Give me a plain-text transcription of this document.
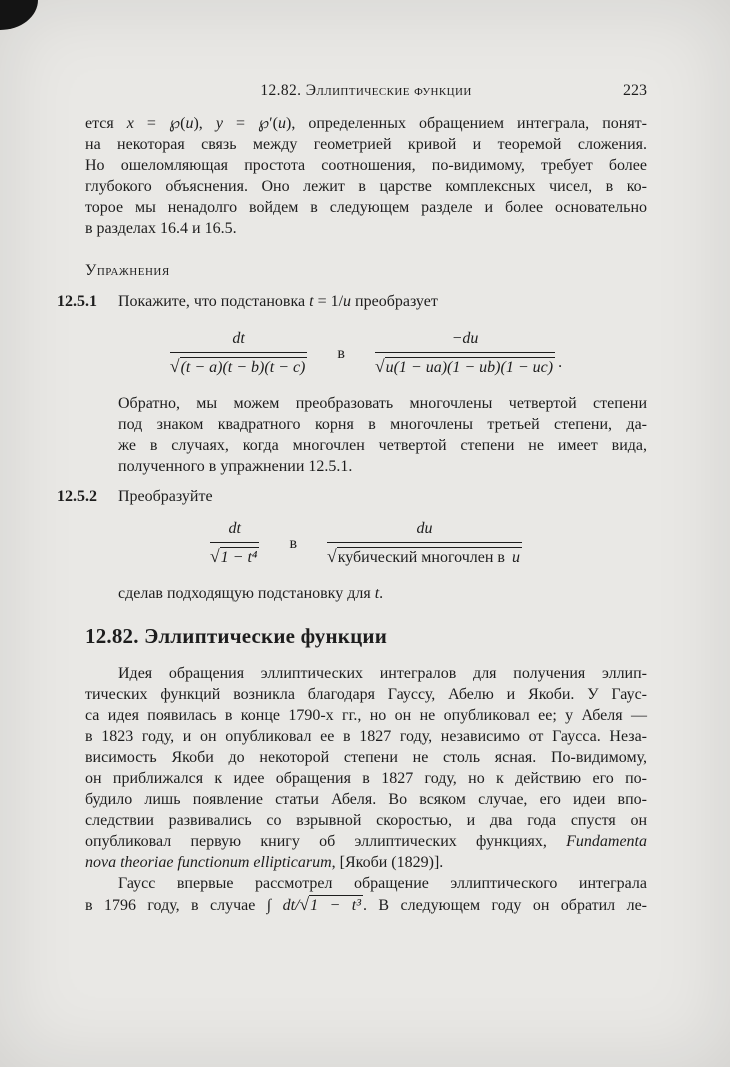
12.82. Эллиптические функции	223
ется x = ℘(u), y = ℘′(u), определенных обращением интеграла, понят-
на некоторая связь между геометрией кривой и теоремой сложения.
Но ошеломляющая простота соотношения, по-видимому, требует более
глубокого объяснения. Оно лежит в царстве комплексных чисел, в ко-
торое мы ненадолго войдем в следующем разделе и более основательно
в разделах 16.4 и 16.5.
Упражнения
12.5.1 Покажите, что подстановка t = 1/u преобразует
$\frac{dt}{√(t - a)(t - b)(t - c)}$ в $\frac{-du}{√u(1 - ua)(1 - ub)(1 - uc)}$ .
Обратно, мы можем преобразовать многочлены четвертой степени
под знаком квадратного корня в многочлены третьей степени, да-
же в случаях, когда многочлен четвертой степени не имеет вида,
полученного в упражнении 12.5.1.
12.5.2 Преобразуйте
$\frac{dt}{\text{√1 − t⁴}}$ в $\frac{du}{\text{√кубический многочлен в u}}$
сделав подходящую подстановку для t.
12.82. Эллиптические функции
Идея обращения эллиптических интегралов для получения эллип-
тических функций возникла благодаря Гауссу, Абелю и Якоби. У Гаус-
са идея появилась в конце 1790-х гг., но он не опубликовал ее; у Абеля —
в 1823 году, и он опубликовал ее в 1827 году, независимо от Гаусса. Неза-
висимость Якоби до некоторой степени не столь ясная. По-видимому,
он приближался к идее обращения в 1827 году, но к действию его по-
будило лишь появление статьи Абеля. Во всяком случае, его идеи впо-
следствии развивались со взрывной скоростью, и два года спустя он
опубликовал первую книгу об эллиптических функциях, Fundamenta
nova theoriae functionum ellipticarum, [Якоби (1829)].
Гаусс впервые рассмотрел обращение эллиптического интеграла
в 1796 году, в случае ∫ dt/√1 − t³ . В следующем году он обратил ле-
